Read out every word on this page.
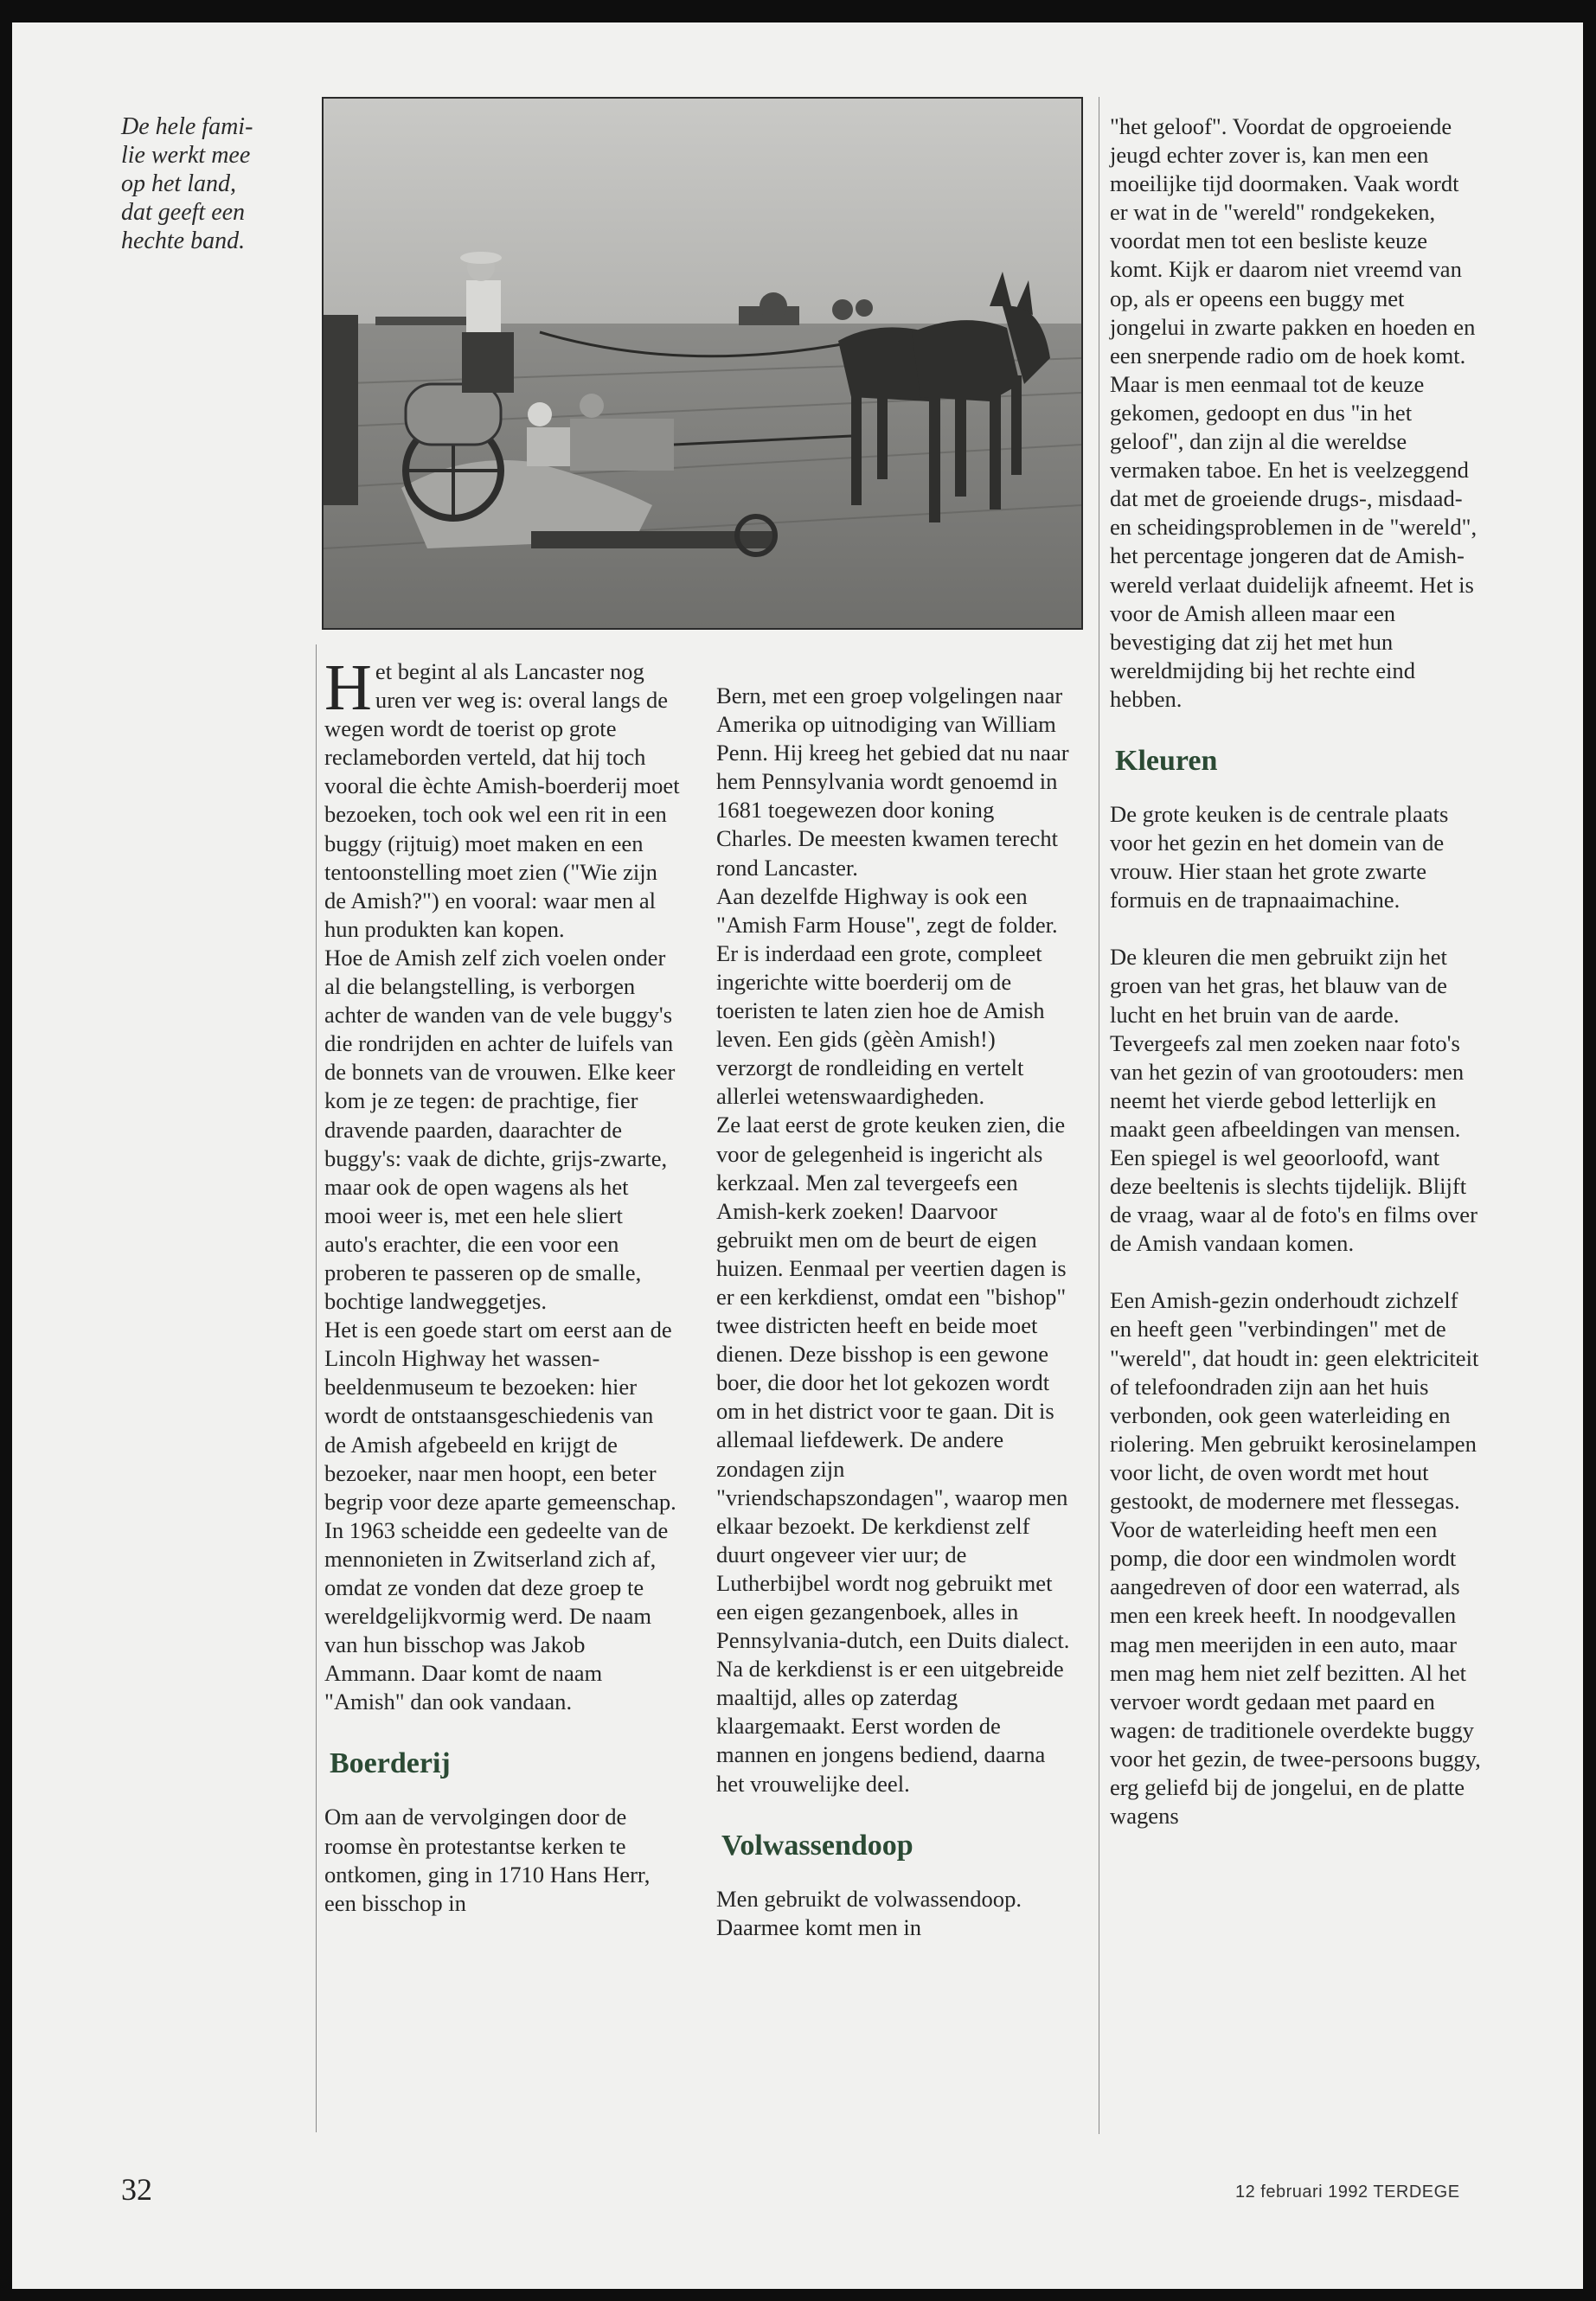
De hele fami-
lie werkt mee
op het land,
dat geeft een
hechte band.

Het begint al als Lancaster nog uren ver weg is: overal langs de wegen wordt de toerist op grote reclameborden verteld, dat hij toch vooral die èchte Amish-boerderij moet bezoeken, toch ook wel een rit in een buggy (rijtuig) moet maken en een tentoonstelling moet zien ("Wie zijn de Amish?") en vooral: waar men al hun produkten kan kopen.

Hoe de Amish zelf zich voelen onder al die belangstelling, is verborgen achter de wanden van de vele buggy's die rondrijden en achter de luifels van de bonnets van de vrouwen. Elke keer kom je ze tegen: de prachtige, fier dravende paarden, daarachter de buggy's: vaak de dichte, grijs-zwarte, maar ook de open wagens als het mooi weer is, met een hele sliert auto's erachter, die een voor een proberen te passeren op de smalle, bochtige landweggetjes.

Het is een goede start om eerst aan de Lincoln Highway het wassen-beeldenmuseum te bezoeken: hier wordt de ontstaansgeschiedenis van de Amish afgebeeld en krijgt de bezoeker, naar men hoopt, een beter begrip voor deze aparte gemeenschap. In 1963 scheidde een gedeelte van de mennonieten in Zwitserland zich af, omdat ze vonden dat deze groep te wereldgelijkvormig werd. De naam van hun bisschop was Jakob Ammann. Daar komt de naam "Amish" dan ook vandaan.

Boerderij

Om aan de vervolgingen door de roomse èn protestantse kerken te ontkomen, ging in 1710 Hans Herr, een bisschop in

Bern, met een groep volgelingen naar Amerika op uitnodiging van William Penn. Hij kreeg het gebied dat nu naar hem Pennsylvania wordt genoemd in 1681 toegewezen door koning Charles. De meesten kwamen terecht rond Lancaster.

Aan dezelfde Highway is ook een "Amish Farm House", zegt de folder. Er is inderdaad een grote, compleet ingerichte witte boerderij om de toeristen te laten zien hoe de Amish leven. Een gids (gèèn Amish!) verzorgt de rondleiding en vertelt allerlei wetenswaardigheden.

Ze laat eerst de grote keuken zien, die voor de gelegenheid is ingericht als kerkzaal. Men zal tevergeefs een Amish-kerk zoeken! Daarvoor gebruikt men om de beurt de eigen huizen. Eenmaal per veertien dagen is er een kerkdienst, omdat een "bishop" twee districten heeft en beide moet dienen. Deze bisshop is een gewone boer, die door het lot gekozen wordt om in het district voor te gaan. Dit is allemaal liefdewerk. De andere zondagen zijn "vriendschapszondagen", waarop men elkaar bezoekt. De kerkdienst zelf duurt ongeveer vier uur; de Lutherbijbel wordt nog gebruikt met een eigen gezangenboek, alles in Pennsylvania-dutch, een Duits dialect. Na de kerkdienst is er een uitgebreide maaltijd, alles op zaterdag klaargemaakt. Eerst worden de mannen en jongens bediend, daarna het vrouwelijke deel.

Volwassendoop

Men gebruikt de volwassendoop. Daarmee komt men in

"het geloof". Voordat de opgroeiende jeugd echter zover is, kan men een moeilijke tijd doormaken. Vaak wordt er wat in de "wereld" rondgekeken, voordat men tot een besliste keuze komt. Kijk er daarom niet vreemd van op, als er opeens een buggy met jongelui in zwarte pakken en hoeden en een snerpende radio om de hoek komt. Maar is men eenmaal tot de keuze gekomen, gedoopt en dus "in het geloof", dan zijn al die wereldse vermaken taboe. En het is veelzeggend dat met de groeiende drugs-, misdaad- en scheidingsproblemen in de "wereld", het percentage jongeren dat de Amish-wereld verlaat duidelijk afneemt. Het is voor de Amish alleen maar een bevestiging dat zij het met hun wereldmijding bij het rechte eind hebben.

Kleuren

De grote keuken is de centrale plaats voor het gezin en het domein van de vrouw. Hier staan het grote zwarte formuis en de trapnaaimachine.

De kleuren die men gebruikt zijn het groen van het gras, het blauw van de lucht en het bruin van de aarde. Tevergeefs zal men zoeken naar foto's van het gezin of van grootouders: men neemt het vierde gebod letterlijk en maakt geen afbeeldingen van mensen. Een spiegel is wel geoorloofd, want deze beeltenis is slechts tijdelijk. Blijft de vraag, waar al de foto's en films over de Amish vandaan komen.

Een Amish-gezin onderhoudt zichzelf en heeft geen "verbindingen" met de "wereld", dat houdt in: geen elektriciteit of telefoondraden zijn aan het huis verbonden, ook geen waterleiding en riolering. Men gebruikt kerosinelampen voor licht, de oven wordt met hout gestookt, de modernere met flessegas.

Voor de waterleiding heeft men een pomp, die door een windmolen wordt aangedreven of door een waterrad, als men een kreek heeft. In noodgevallen mag men meerijden in een auto, maar men mag hem niet zelf bezitten. Al het vervoer wordt gedaan met paard en wagen: de traditionele overdekte buggy voor het gezin, de twee-persoons buggy, erg geliefd bij de jongelui, en de platte wagens

32	12 februari 1992 TERDEGE
